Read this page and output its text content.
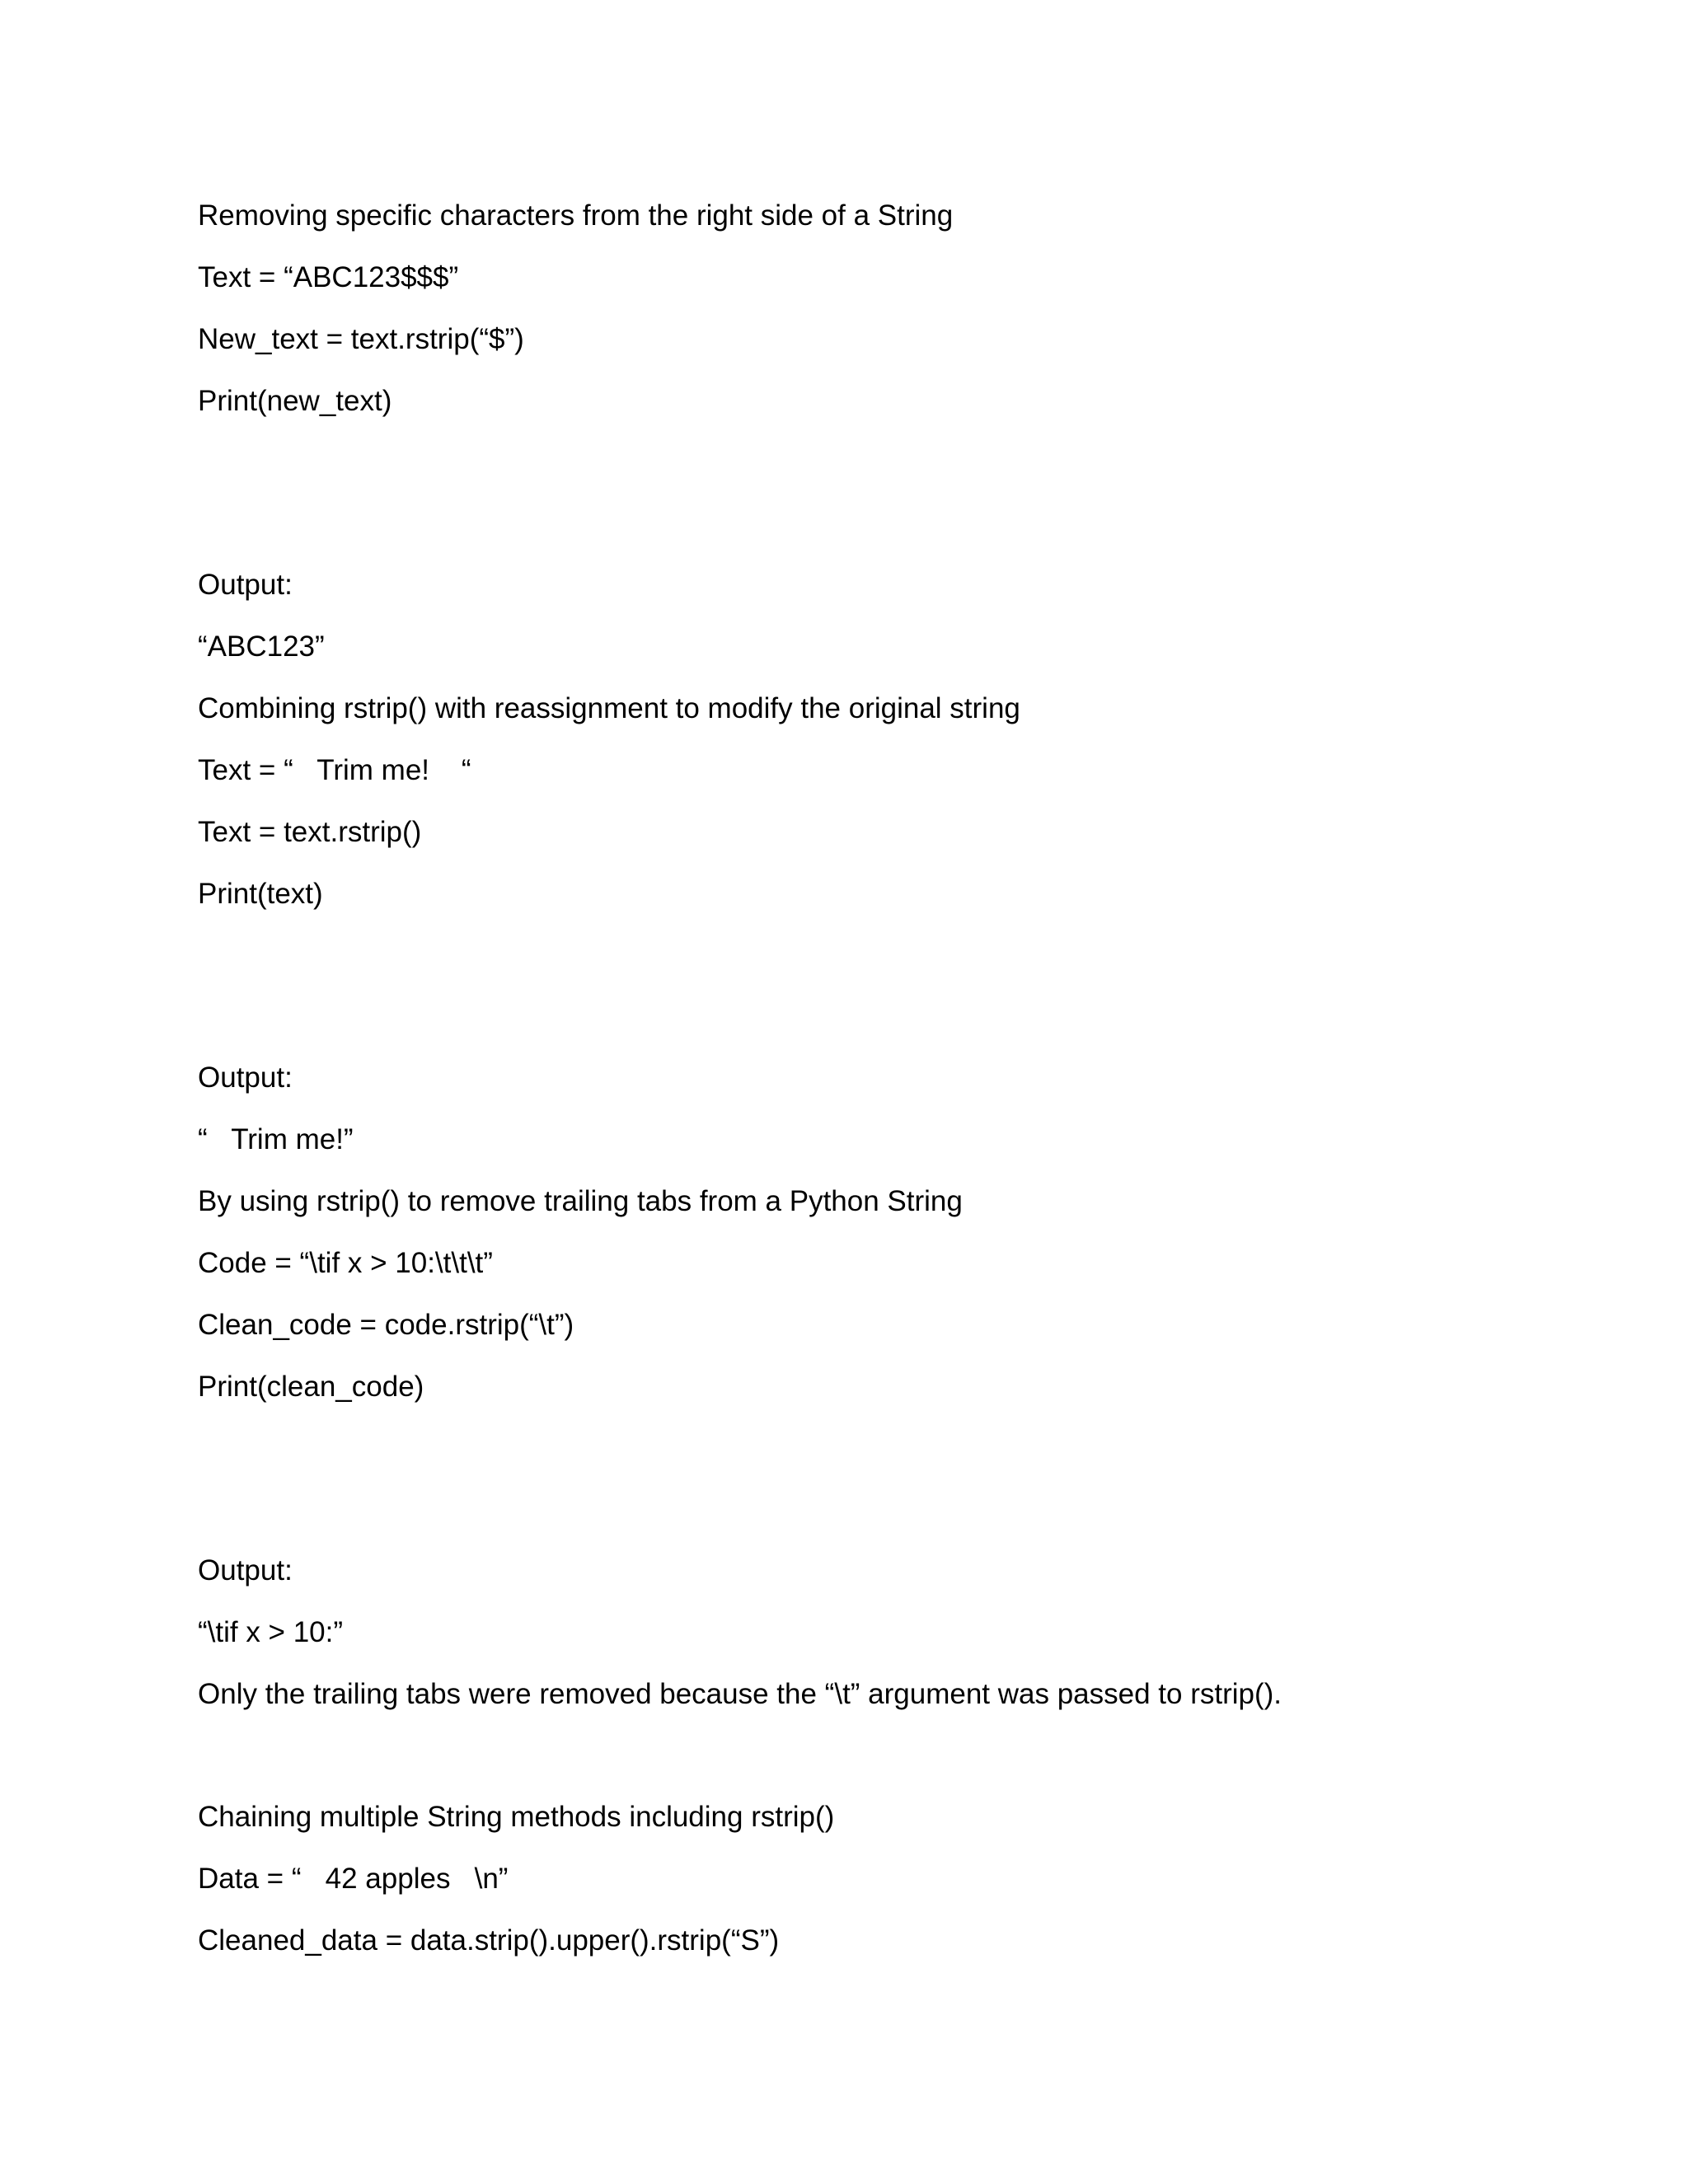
Removing specific characters from the right side of a String

Text = “ABC123$$$”

New_text = text.rstrip(“$”)

Print(new_text)

Output:

“ABC123”

Combining rstrip() with reassignment to modify the original string

Text = “   Trim me!    “

Text = text.rstrip()

Print(text)

Output:

“   Trim me!”

By using rstrip() to remove trailing tabs from a Python String

Code = “\tif x > 10:\t\t\t”

Clean_code = code.rstrip(“\t”)

Print(clean_code)

Output:

“\tif x > 10:”

Only the trailing tabs were removed because the “\t” argument was passed to rstrip().

Chaining multiple String methods including rstrip()

Data = “   42 apples   \n”

Cleaned_data = data.strip().upper().rstrip(“S”)
